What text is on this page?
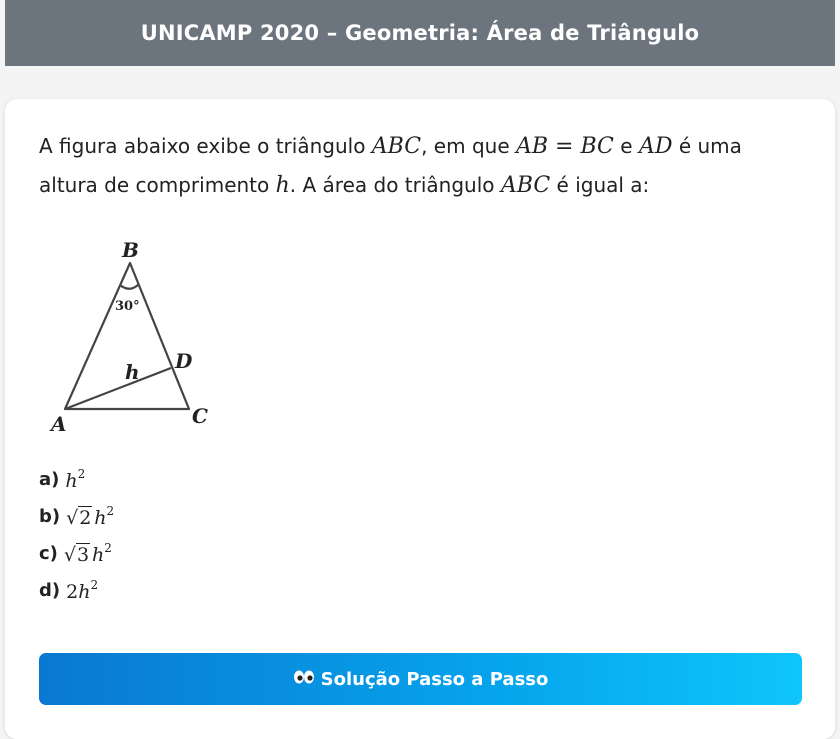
UNICAMP 2020 – Geometria: Área de Triângulo
A figura abaixo exibe o triângulo ABC, em que AB = BC e AD é uma altura de comprimento h. A área do triângulo ABC é igual a:
B
A	C
D
h
30°
a) $h^2$
b) √2  $h^2$
c) √3  $h^2$
d) $2h^2$
Solução Passo a Passo
